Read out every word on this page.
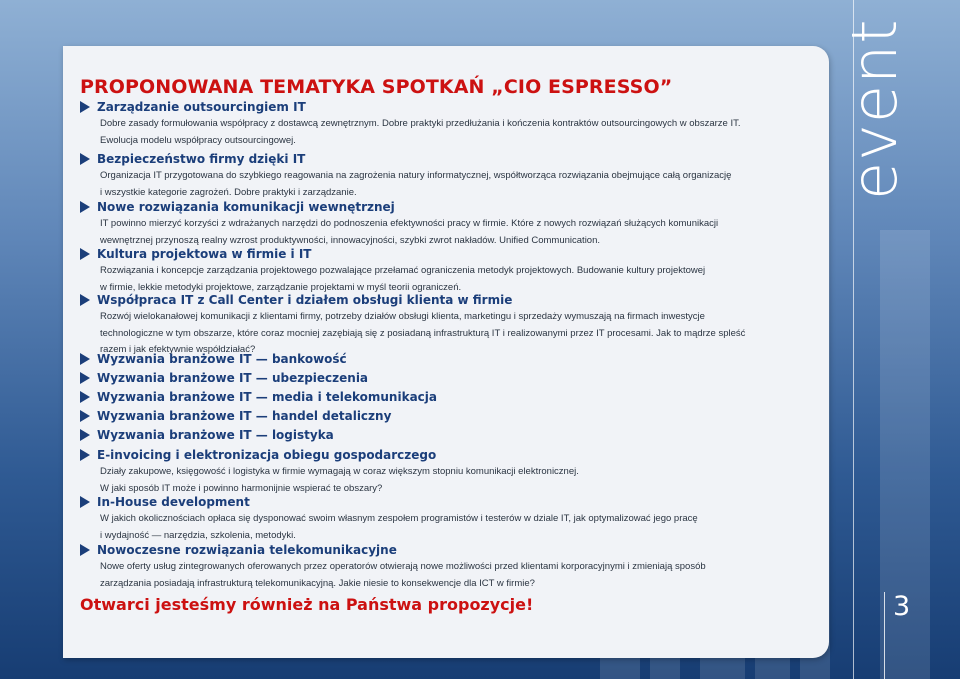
PROPONOWANA TEMATYKA SPOTKAŃ „CIO ESPRESSO”
Zarządzanie outsourcingiem IT
Dobre zasady formułowania współpracy z dostawcą zewnętrznym. Dobre praktyki przedłużania i kończenia kontraktów outsourcingowych w obszarze IT.
Ewolucja modelu współpracy outsourcingowej.
Bezpieczeństwo firmy dzięki IT
Organizacja IT przygotowana do szybkiego reagowania na zagrożenia natury informatycznej, współtworząca rozwiązania obejmujące całą organizację
i wszystkie kategorie zagrożeń. Dobre praktyki i zarządzanie.
Nowe rozwiązania komunikacji wewnętrznej
IT powinno mierzyć korzyści z wdrażanych narzędzi do podnoszenia efektywności pracy w firmie. Które z nowych rozwiązań służących komunikacji
wewnętrznej przynoszą realny wzrost produktywności, innowacyjności, szybki zwrot nakładów. Unified Communication.
Kultura projektowa w firmie i IT
Rozwiązania i koncepcje zarządzania projektowego pozwalające przełamać ograniczenia metodyk projektowych. Budowanie kultury projektowej
w firmie, lekkie metodyki projektowe, zarządzanie projektami w myśl teorii ograniczeń.
Współpraca IT z Call Center i działem obsługi klienta w firmie
Rozwój wielokanałowej komunikacji z klientami firmy, potrzeby działów obsługi klienta, marketingu i sprzedaży wymuszają na firmach inwestycje
technologiczne w tym obszarze, które coraz mocniej zazębiają się z posiadaną infrastrukturą IT i realizowanymi przez IT procesami. Jak to mądrze spleść
razem i jak efektywnie współdziałać?
Wyzwania branżowe IT — bankowość
Wyzwania branżowe IT — ubezpieczenia
Wyzwania branżowe IT — media i telekomunikacja
Wyzwania branżowe IT — handel detaliczny
Wyzwania branżowe IT — logistyka
E-invoicing i elektronizacja obiegu gospodarczego
Działy zakupowe, księgowość i logistyka w firmie wymagają w coraz większym stopniu komunikacji elektronicznej.
W jaki sposób IT może i powinno harmonijnie wspierać te obszary?
In-House development
W jakich okolicznościach opłaca się dysponować swoim własnym zespołem programistów i testerów w dziale IT, jak optymalizować jego pracę
i wydajność — narzędzia, szkolenia, metodyki.
Nowoczesne rozwiązania telekomunikacyjne
Nowe oferty usług zintegrowanych oferowanych przez operatorów otwierają nowe możliwości przed klientami korporacyjnymi i zmieniają sposób
zarządzania posiadają infrastrukturą telekomunikacyjną. Jakie niesie to konsekwencje dla ICT w firmie?
Otwarci jesteśmy również na Państwa propozycje!
event
3
